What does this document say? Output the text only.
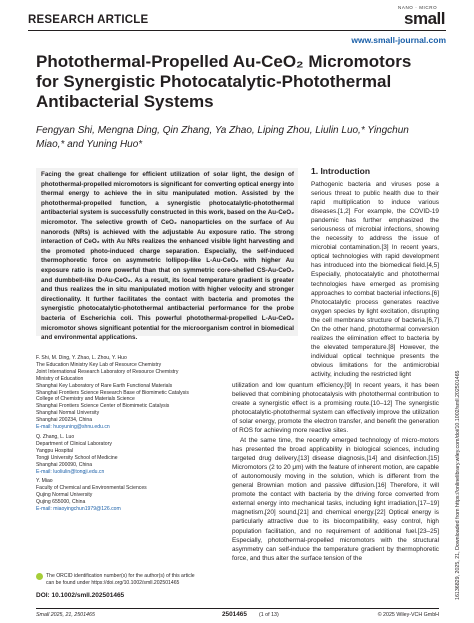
RESEARCH ARTICLE
NANO · MICRO
small
www.small-journal.com
Photothermal-Propelled Au-CeO₂ Micromotors for Synergistic Photocatalytic-Photothermal Antibacterial Systems
Fengyan Shi, Mengna Ding, Qin Zhang, Ya Zhao, Liping Zhou, Liulin Luo,* Yingchun Miao,* and Yuning Huo*
Facing the great challenge for efficient utilization of solar light, the design of photothermal-propelled micromotors is significant for converting optical energy into thermal energy to achieve the in situ manipulated motion. Assisted by the photothermal-propelled function, a synergistic photocatalytic-photothermal antibacterial system is successfully constructed in this work, based on the Au-CeO₂ micromotor. The selective growth of CeO₂ nanoparticles on the surface of Au nanorods (NRs) is achieved with the adjustable Au exposure ratio. The strong interaction of CeO₂ with Au NRs realizes the enhanced visible light harvesting and the promoted photo-induced charge separation. Especially, the self-induced thermophoretic force on asymmetric lollipop-like L-Au-CeO₂ with higher Au exposure ratio is more powerful than that on symmetric core-shelled CS-Au-CeO₂ and dumbbell-like D-Au-CeO₂. As a result, its local temperature gradient is greater and thus realizes the in situ manipulated motion with higher velocity and stronger directionality. It further facilitates the contact with bacteria and promotes the synergistic photocatalytic-photothermal antibacterial performance for the probe bacteria of Escherichia coli. This powerful photothermal-propelled L-Au-CeO₂ micromotor shows significant potential for the microorganism control in biomedical and environmental applications.
F. Shi, M. Ding, Y. Zhao, L. Zhou, Y. Huo
The Education Ministry Key Lab of Resource Chemistry
Joint International Research Laboratory of Resource Chemistry
Ministry of Education
Shanghai Key Laboratory of Rare Earth Functional Materials
Shanghai Frontiers Science Research Base of Biomimetic Catalysis
College of Chemistry and Materials Science
Shanghai Frontiers Science Center of Biomimetic Catalysis
Shanghai Normal University
Shanghai 200234, China
E-mail: huoyuning@shnu.edu.cn
Q. Zhang, L. Luo
Department of Clinical Laboratory
Yangpu Hospital
Tongji University School of Medicine
Shanghai 200090, China
E-mail: luoliulin@tongji.edu.cn
Y. Miao
Faculty of Chemical and Environmental Sciences
Qujing Normal University
Qujing 655000, China
E-mail: miaoyingchun1979@126.com
The ORCID identification number(s) for the author(s) of this article
can be found under https://doi.org/10.1002/smll.202501465
DOI: 10.1002/smll.202501465
1. Introduction

Pathogenic bacteria and viruses pose a serious threat to public health due to their rapid multiplication to induce various diseases.[1,2] For example, the COVID-19 pandemic has further emphasized the seriousness of microbial infections, showing the necessity to address the issue of microbial contamination.[3] In recent years, optical technologies with rapid development has introduced into the biomedical field.[4,5] Especially, photocatalytic and photothermal technologies have emerged as promising approaches to combat bacterial infections.[6] Photocatalytic process generates reactive oxygen species by light excitation, disrupting the cell membrane structure of bacteria.[6,7] On the other hand, photothermal conversion realizes the elimination effect to bacteria by the elevated temperature.[8] However, the individual optical technique presents the obvious limitations for the antimicrobial activity, including the restricted light

utilization and low quantum efficiency.[9] In recent years, it has been believed that combining photocatalysis with photothermal contribution to create a synergistic effect is a promising route.[10–12] The synergistic photocatalytic-photothermal system can effectively improve the utilization of solar energy, promote the electron transfer, and benefit the generation of ROS for achieving more reactive sites.

At the same time, the recently emerged technology of micro-motors has presented the broad applicability in biological sciences, including targeted drug delivery,[13] disease diagnosis,[14] and disinfection.[15] Micromotors (2 to 20 μm) with the feature of inherent motion, are capable of autonomously moving in the solution, which is different from the general Brownian motion and passive diffusion.[16] Therefore, it will promote the contact with bacteria by the driving force converted from external energy into mechanical tasks, including light irradiation,[17–19] magnetism,[20] sound,[21] and chemical energy.[22] Optical energy is particularly attractive due to its biocompatibility, easy control, high population facilitation, and no requirement of additional fuel.[23–25] Especially, photothermal-propelled micromotors with the structural asymmetry can self-induce the temperature gradient by thermophoretic force, and thus alter the surface tension of the	16136829, 2025, 21, Downloaded from https://onlinelibrary.wiley.com/doi/10.1002/smll.202501465
Small 2025, 21, 2501465	2501465 (1 of 13)	© 2025 Wiley-VCH GmbH
